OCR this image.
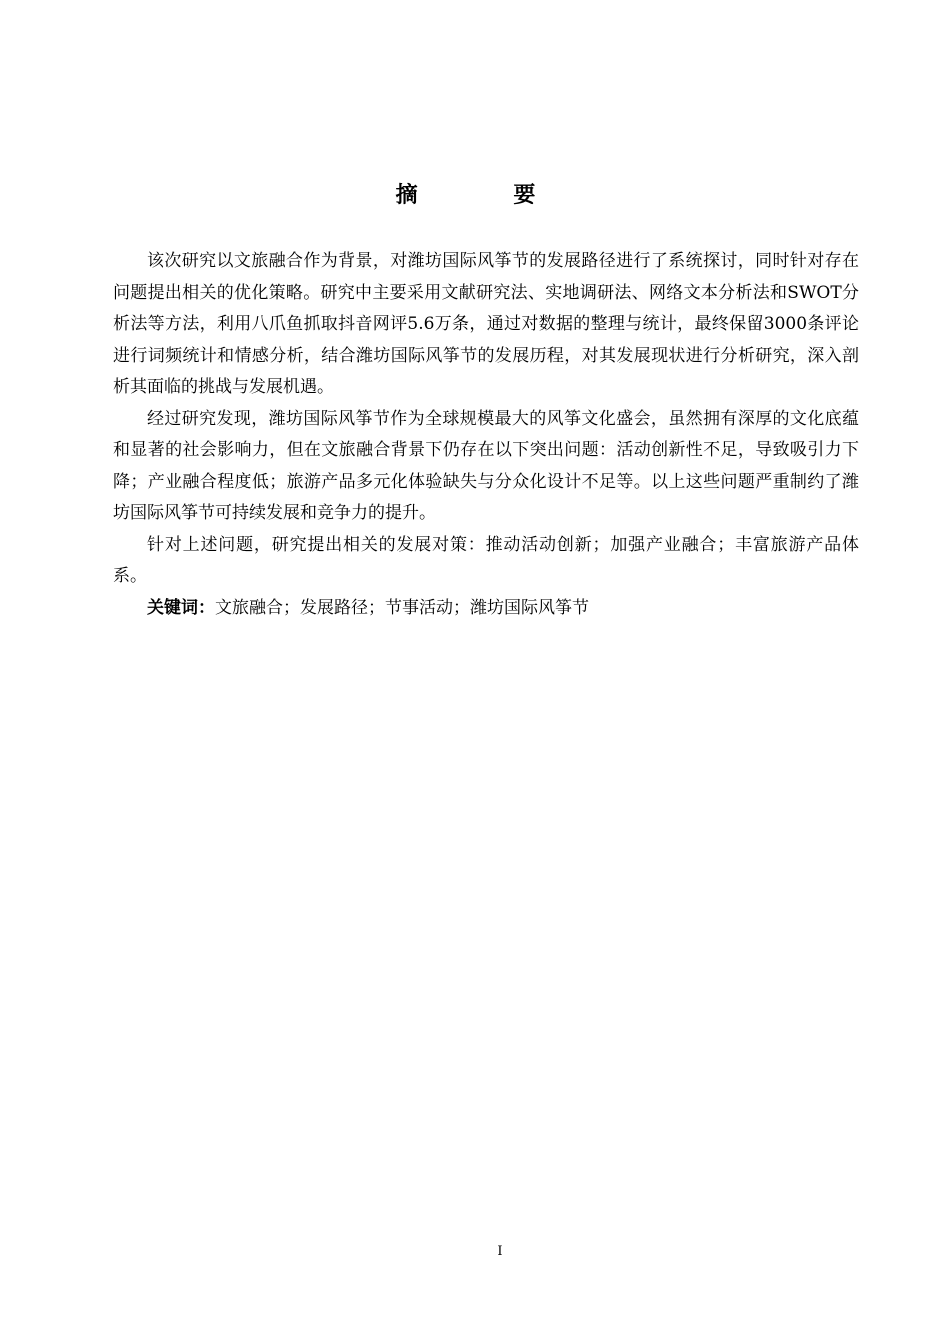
摘 要

该次研究以文旅融合作为背景，对潍坊国际风筝节的发展路径进行了系统探讨，同时针对存在问题提出相关的优化策略。研究中主要采用文献研究法、实地调研法、网络文本分析法和SWOT分析法等方法，利用八爪鱼抓取抖音网评5.6万条，通过对数据的整理与统计，最终保留3000条评论进行词频统计和情感分析，结合潍坊国际风筝节的发展历程，对其发展现状进行分析研究，深入剖析其面临的挑战与发展机遇。

经过研究发现，潍坊国际风筝节作为全球规模最大的风筝文化盛会，虽然拥有深厚的文化底蕴和显著的社会影响力，但在文旅融合背景下仍存在以下突出问题：活动创新性不足，导致吸引力下降；产业融合程度低；旅游产品多元化体验缺失与分众化设计不足等。以上这些问题严重制约了潍坊国际风筝节可持续发展和竞争力的提升。

针对上述问题，研究提出相关的发展对策：推动活动创新；加强产业融合；丰富旅游产品体系。

关键词：文旅融合；发展路径；节事活动；潍坊国际风筝节

I
